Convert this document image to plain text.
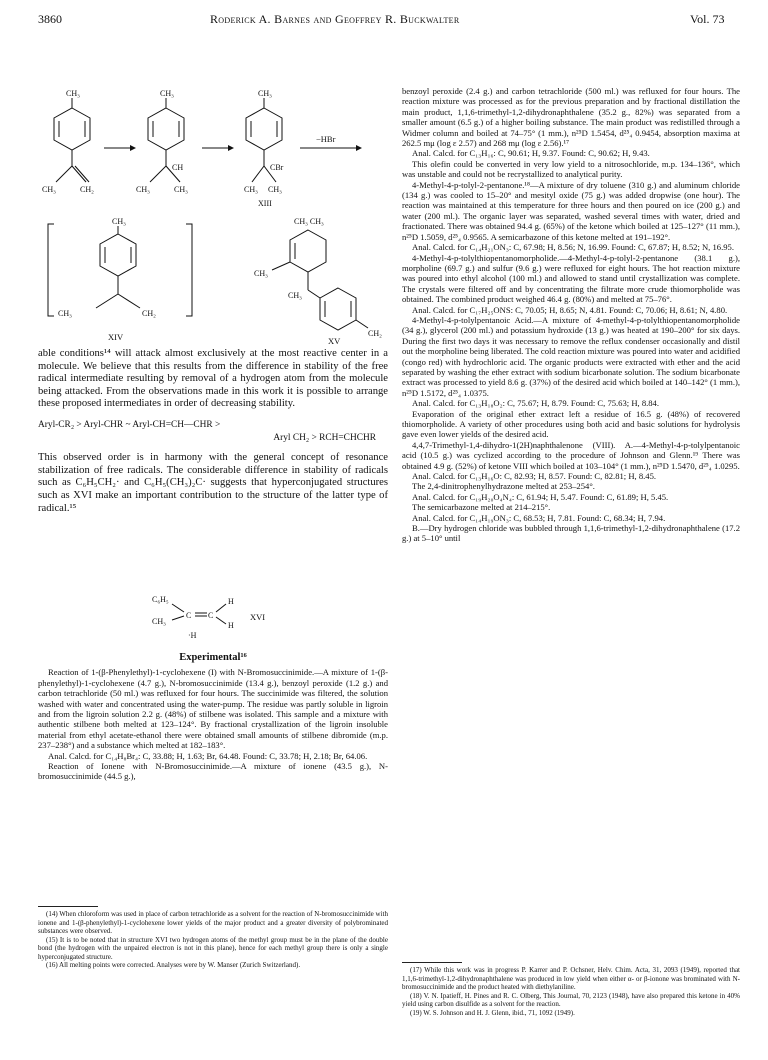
3860	Roderick A. Barnes and Geoffrey R. Buckwalter	Vol. 73
CH₃
CH₃	CH₂
CH₃
CH
CH₃	CH₃
CH₃
CBr
CH₃ CH₃
XIII
−HBr
CH₃
CH₃	CH₂
XIV
CH₃ CH₃
CH₃
CH₃
CH₂
XV

able conditions¹⁴ will attack almost exclusively at the most reactive center in a molecule. We believe that this results from the difference in stability of the free radical intermediate resulting by removal of a hydrogen atom from the molecule being attacked. From the observations made in this work it is possible to arrange these proposed intermediates in order of decreasing stability.

Aryl-CR₂ > Aryl-CHR ~ Aryl-CH=CH—CHR >
Aryl CH₂ > RCH=CHCHR

This observed order is in harmony with the general concept of resonance stabilization of free radicals. The considerable difference in stability of radicals such as C₆H₅CH₂· and C₆H₅(CH₃)₂C· suggests that hyperconjugated structures such as XVI make an important contribution to the structure of the latter type of radical.¹⁵

C₆H₅
CH₃
C C
H
H
·H
XVI
Experimental¹⁶

Reaction of 1-(β-Phenylethyl)-1-cyclohexene (I) with N-Bromosuccinimide.—A mixture of 1-(β-phenylethyl)-1-cyclohexene (4.7 g.), N-bromosuccinimide (13.4 g.), benzoyl peroxide (1.2 g.) and carbon tetrachloride (50 ml.) was refluxed for four hours. The succinimide was filtered, the solution washed with water and concentrated using the water-pump. The residue was partly soluble in ligroin and from the ligroin solution 2.2 g. (48%) of stilbene was isolated. This sample and a mixture with authentic stilbene both melted at 123–124°. By fractional crystallization of the ligroin insoluble material from ethyl acetate-ethanol there were obtained small amounts of stilbene dibromide (m.p. 237–238°) and a substance which melted at 182–183°.

Anal. Calcd. for C₁₄H₈Br₄: C, 33.88; H, 1.63; Br, 64.48. Found: C, 33.78; H, 2.18; Br, 64.06.

Reaction of Ionene with N-Bromosuccinimide.—A mixture of ionene (43.5 g.), N-bromosuccinimide (44.5 g.),

(14) When chloroform was used in place of carbon tetrachloride as a solvent for the reaction of N-bromosuccinimide with ionene and 1-(β-phenylethyl)-1-cyclohexene lower yields of the major product and a greater diversity of polybrominated substances were observed.

(15) It is to be noted that in structure XVI two hydrogen atoms of the methyl group must be in the plane of the double bond (the hydrogen with the unpaired electron is not in this plane), hence for each methyl group there is only a single hyperconjugated structure.

(16) All melting points were corrected. Analyses were by W. Manser (Zurich Switzerland).

benzoyl peroxide (2.4 g.) and carbon tetrachloride (500 ml.) was refluxed for four hours. The reaction mixture was processed as for the previous preparation and by fractional distillation the main product, 1,1,6-trimethyl-1,2-dihydronaphthalene (35.2 g., 82%) was separated from a smaller amount (6.5 g.) of a higher boiling substance. The main product was redistilled through a Widmer column and boiled at 74–75° (1 mm.), n²⁵D 1.5454, d²⁵₄ 0.9454, absorption maxima at 262.5 mμ (log ε 2.57) and 268 mμ (log ε 2.56).¹⁷

Anal. Calcd. for C₁₃H₁₆: C, 90.61; H, 9.37. Found: C, 90.62; H, 9.43.

This olefin could be converted in very low yield to a nitrosochloride, m.p. 134–136°, which was unstable and could not be recrystallized to analytical purity.

4-Methyl-4-p-tolyl-2-pentanone.¹⁸—A mixture of dry toluene (310 g.) and aluminum chloride (134 g.) was cooled to 15–20° and mesityl oxide (75 g.) was added dropwise (one hour). The reaction was maintained at this temperature for three hours and then poured on ice (200 g.) and water (200 ml.). The organic layer was separated, washed several times with water, dried and fractionated. There was obtained 94.4 g. (65%) of the ketone which boiled at 125–127° (11 mm.), n²⁵D 1.5059, d²⁵₄ 0.9565. A semicarbazone of this ketone melted at 191–192°.

Anal. Calcd. for C₁₄H₂₁ON₃: C, 67.98; H, 8.56; N, 16.99. Found: C, 67.87; H, 8.52; N, 16.95.

4-Methyl-4-p-tolylthiopentanomorpholide.—4-Methyl-4-p-tolyl-2-pentanone (38.1 g.), morpholine (69.7 g.) and sulfur (9.6 g.) were refluxed for eight hours. The hot reaction mixture was poured into ethyl alcohol (100 ml.) and allowed to stand until crystallization was complete. The crystals were filtered off and by concentrating the filtrate more crude thiomorpholide was obtained. The combined product weighed 46.4 g. (80%) and melted at 75–76°.

Anal. Calcd. for C₁₇H₂₅ONS: C, 70.05; H, 8.65; N, 4.81. Found: C, 70.06; H, 8.61; N, 4.80.

4-Methyl-4-p-tolylpentanoic Acid.—A mixture of 4-methyl-4-p-tolylthiopentanomorpholide (34 g.), glycerol (200 ml.) and potassium hydroxide (13 g.) was heated at 190–200° for six days. During the first two days it was necessary to remove the reflux condenser occasionally and distil out the morpholine being liberated. The cold reaction mixture was poured into water and acidified (congo red) with hydrochloric acid. The organic products were extracted with ether and the acid separated by washing the ether extract with sodium bicarbonate solution. The sodium bicarbonate extract was processed to yield 8.6 g. (37%) of the desired acid which boiled at 140–142° (1 mm.), n²⁵D 1.5172, d²⁵₄ 1.0375.

Anal. Calcd. for C₁₃H₁₈O₂: C, 75.67; H, 8.79. Found: C, 75.63; H, 8.84.

Evaporation of the original ether extract left a residue of 16.5 g. (48%) of recovered thiomorpholide. A variety of other procedures using both acid and basic solutions for hydrolysis gave even lower yields of the desired acid.

4,4,7-Trimethyl-1,4-dihydro-1(2H)naphthalenone (VIII). A.—4-Methyl-4-p-tolylpentanoic acid (10.5 g.) was cyclized according to the procedure of Johnson and Glenn.¹⁹ There was obtained 4.9 g. (52%) of ketone VIII which boiled at 103–104° (1 mm.), n²⁵D 1.5470, d²⁵₄ 1.0295.

Anal. Calcd. for C₁₃H₁₆O: C, 82.93; H, 8.57. Found: C, 82.81; H, 8.45.

The 2,4-dinitrophenylhydrazone melted at 253–254°.

Anal. Calcd. for C₁₉H₂₀O₄N₄: C, 61.94; H, 5.47. Found: C, 61.89; H, 5.45.

The semicarbazone melted at 214–215°.

Anal. Calcd. for C₁₄H₁₉ON₃: C, 68.53; H, 7.81. Found: C, 68.34; H, 7.94.

B.—Dry hydrogen chloride was bubbled through 1,1,6-trimethyl-1,2-dihydronaphthalene (17.2 g.) at 5–10° until

(17) While this work was in progress P. Karrer and P. Ochsner, Helv. Chim. Acta, 31, 2093 (1949), reported that 1,1,6-trimethyl-1,2-dihydronaphthalene was produced in low yield when either α- or β-ionone was brominated with N-bromosuccinimide and the product heated with diethylaniline.

(18) V. N. Ipatieff, H. Pines and R. C. Olberg, This Journal, 70, 2123 (1948), have also prepared this ketone in 40% yield using carbon disulfide as a solvent for the reaction.

(19) W. S. Johnson and H. J. Glenn, ibid., 71, 1092 (1949).
